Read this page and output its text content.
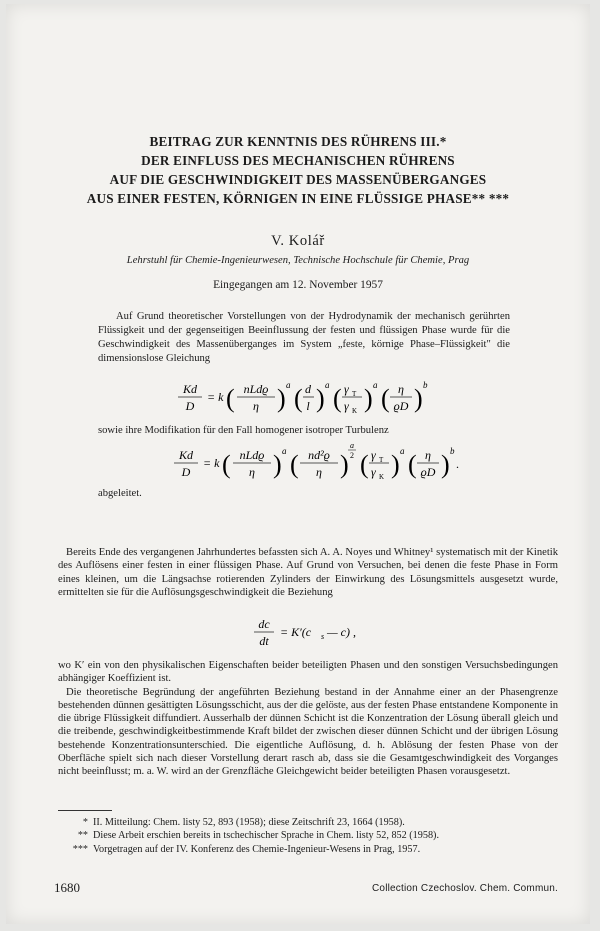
BEITRAG ZUR KENNTNIS DES RÜHRENS III.*
DER EINFLUSS DES MECHANISCHEN RÜHRENS
AUF DIE GESCHWINDIGKEIT DES MASSENÜBERGANGES
AUS EINER FESTEN, KÖRNIGEN IN EINE FLÜSSIGE PHASE** ***
V. Kolář
Lehrstuhl für Chemie-Ingenieurwesen, Technische Hochschule für Chemie, Prag
Eingegangen am 12. November 1957

Auf Grund theoretischer Vorstellungen von der Hydrodynamik der mechanisch gerührten Flüssigkeit und der gegenseitigen Beeinflussung der festen und flüssigen Phase wurde für die Geschwindigkeit des Massenüberganges im System „feste, körnige Phase–Flüssigkeit" die dimensionslose Gleichung

Kd
D
= k ( nLdϱ
η ) a ( d
l ) a ( γ T
γ K ) a ( η
ϱD ) b
sowie ihre Modifikation für den Fall homogener isotroper Turbulenz
Kd
D
= k ( nLdϱ
η ) a ( nd²ϱ
η )
a
2 ( γ T
γ K ) a ( η
ϱD ) b
.
abgeleitet.

Bereits Ende des vergangenen Jahrhundertes befassten sich A. A. Noyes und Whitney¹ systematisch mit der Kinetik des Auflösens einer festen in einer flüssigen Phase. Auf Grund von Versuchen, bei denen die feste Phase in Form eines kleinen, um die Längsachse rotierenden Zylinders der Einwirkung des Lösungsmittels ausgesetzt wurde, ermittelten sie für die Auflösungsgeschwindigkeit die Beziehung

dc
dt
= K′(c s — c) ,

wo K′ ein von den physikalischen Eigenschaften beider beteiligten Phasen und den sonstigen Versuchsbedingungen abhängiger Koeffizient ist.

Die theoretische Begründung der angeführten Beziehung bestand in der Annahme einer an der Phasengrenze bestehenden dünnen gesättigten Lösungsschicht, aus der die gelöste, aus der festen Phase entstandene Komponente in die übrige Flüssigkeit diffundiert. Ausserhalb der dünnen Schicht ist die Konzentration der Lösung überall gleich und die treibende, geschwindigkeitbestimmende Kraft bildet der zwischen dieser dünnen Schicht und der übrigen Lösung bestehende Konzentrationsunterschied. Die eigentliche Auflösung, d. h. Ablösung der festen Phase von der Oberfläche spielt sich nach dieser Vorstellung derart rasch ab, dass sie die Gesamtgeschwindigkeit des Vorganges nicht beeinflusst; m. a. W. wird an der Grenzfläche Gleichgewicht beider beteiligten Phasen vorausgesetzt.

* II. Mitteilung: Chem. listy 52, 893 (1958); diese Zeitschrift 23, 1664 (1958).
** Diese Arbeit erschien bereits in tschechischer Sprache in Chem. listy 52, 852 (1958).
*** Vorgetragen auf der IV. Konferenz des Chemie-Ingenieur-Wesens in Prag, 1957.
1680	Collection Czechoslov. Chem. Commun.
